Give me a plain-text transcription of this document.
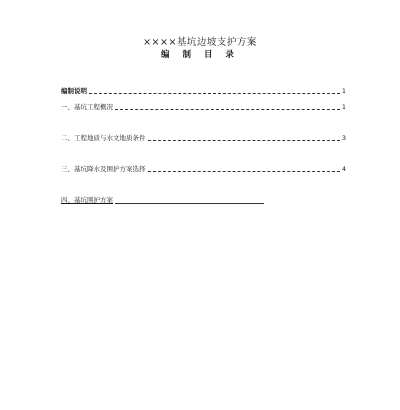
××××基坑边坡支护方案
编 制 目 录
编制说明	1
一、基坑工程概况	1
二、工程地质与水文地质条件	3
三、基坑降水及围护方案选择	4
四、基坑围护方案
